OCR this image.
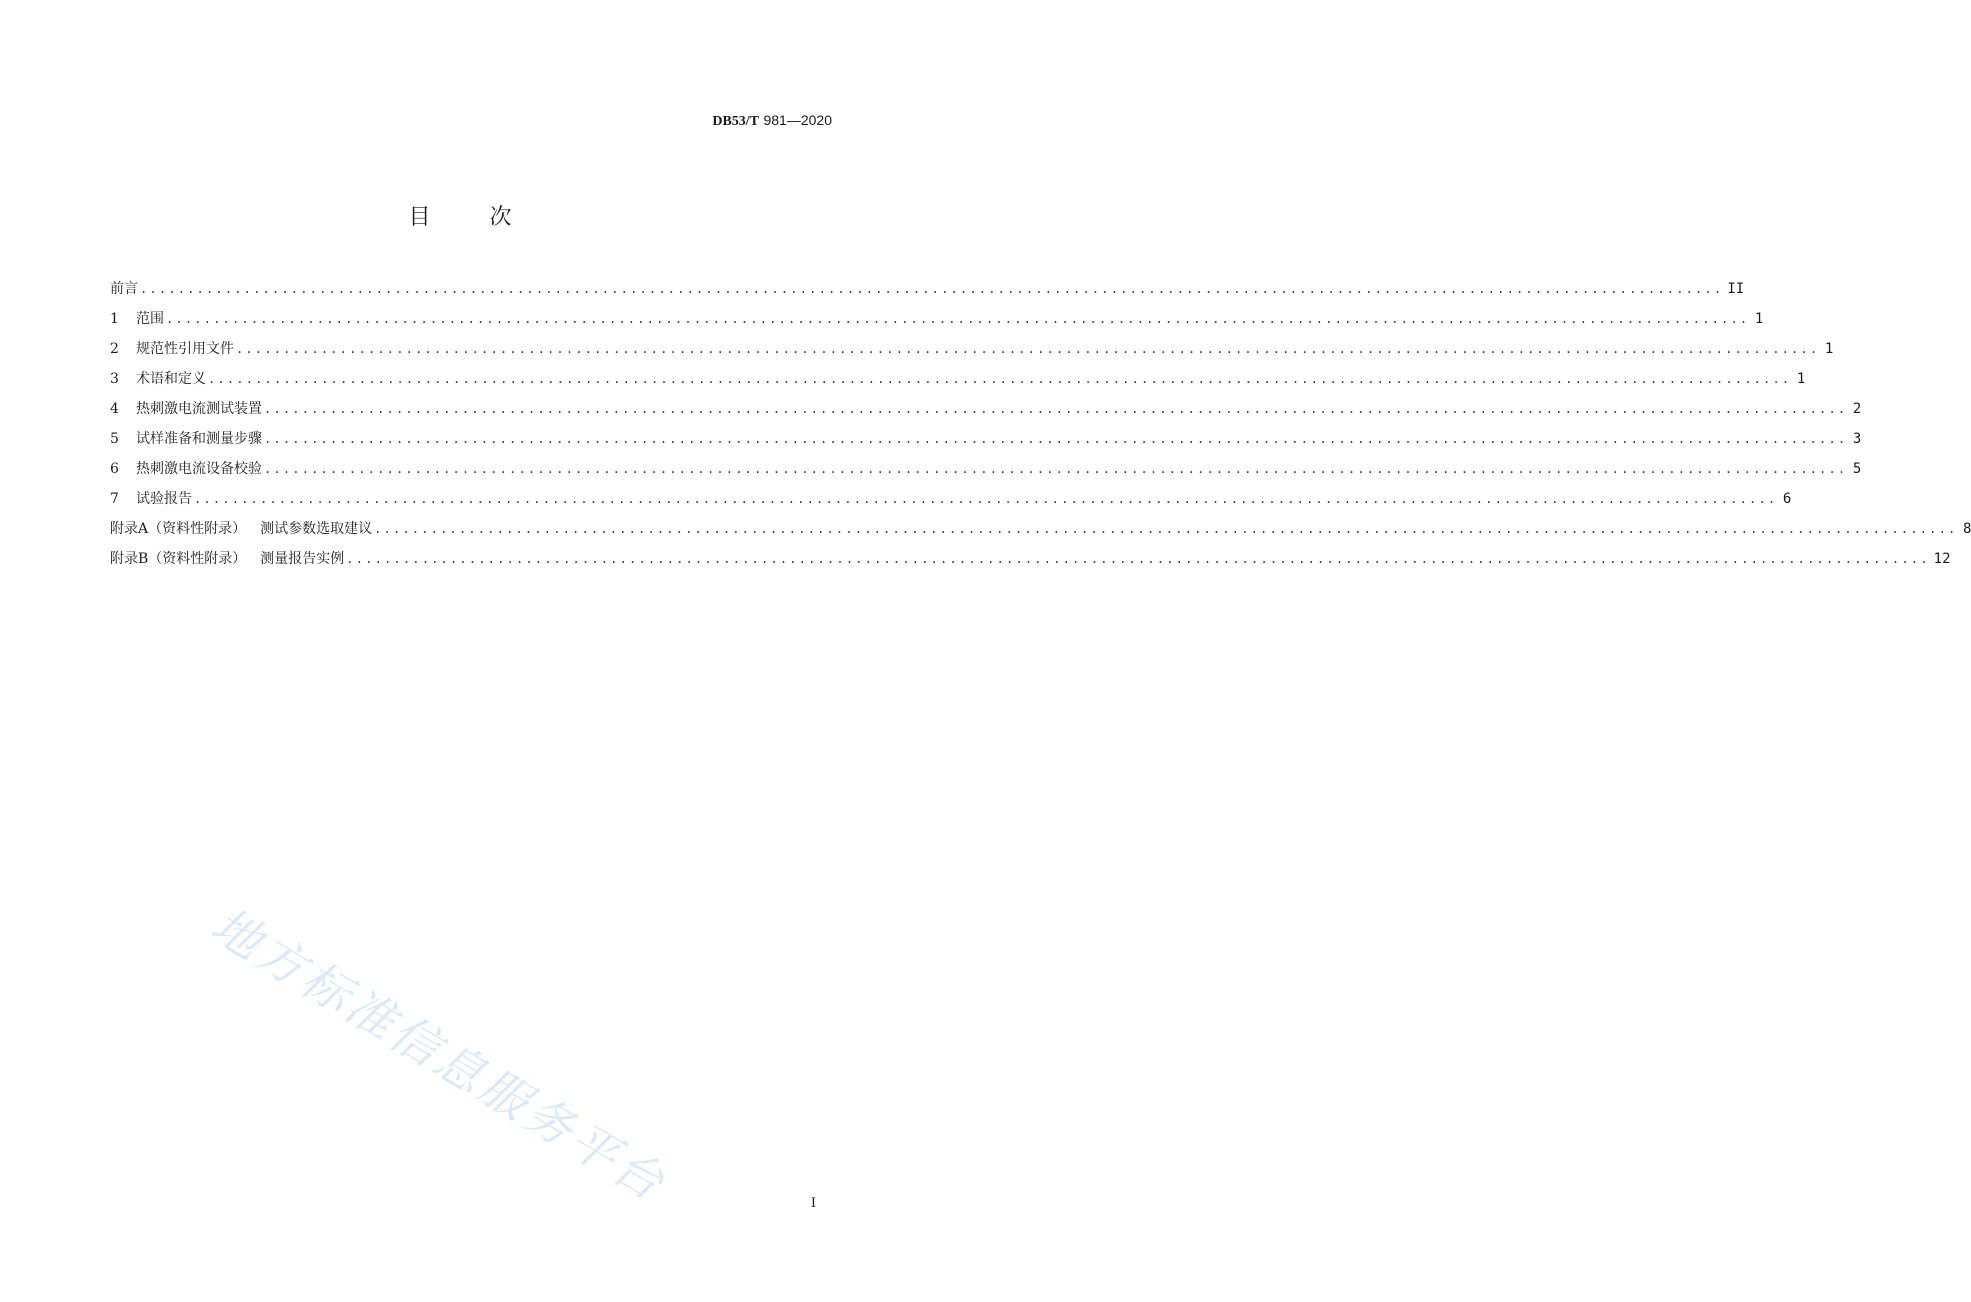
DB53/T 981—2020
目 次
前言 ........................................................................................................................................................................ II
1	范围 ........................................................................................................................................................................ 1
2	规范性引用文件 ........................................................................................................................................................................ 1
3	术语和定义 ........................................................................................................................................................................ 1
4	热刺激电流测试装置 ........................................................................................................................................................................ 2
5	试样准备和测量步骤 ........................................................................................................................................................................ 3
6	热刺激电流设备校验 ........................................................................................................................................................................ 5
7	试验报告 ........................................................................................................................................................................ 6
附录A（资料性附录） 测试参数选取建议 ........................................................................................................................................................................ 8
附录B（资料性附录） 测量报告实例 ........................................................................................................................................................................ 12
地方标准信息服务平台	I
